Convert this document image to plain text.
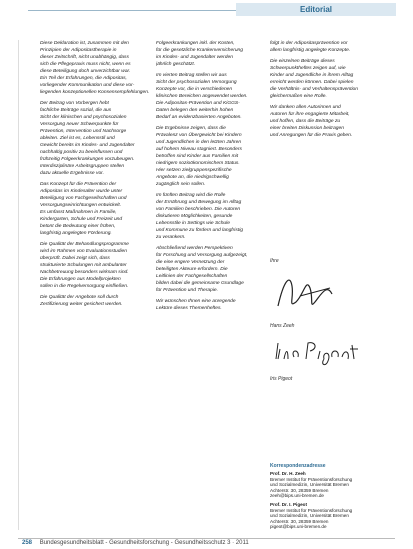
Editorial
Diese Deklaration ist, zusammen mit den
Prinzipien der Adipositastherapie in
dieser Zeitschrift, nicht unabhängig, dass
sich die Pflegepraxis muss nicht, wenn es
diese Beteiligung doch unverzichtbar war.
Ein Teil der Erfahrungen, die Adipositas,
vorliegender Kommunikation und diese vor-
liegenden konzeptionellen Konsensempfehlungen.
Der Beitrag von Vorbergen hebt
fachliche Beiträge sozial, die aus
Sicht der klinischen und psychosozialen
Versorgung neuer Schwerpunkte für
Prävention, Intervention und Nachsorge
ableiten. Ziel ist es, Lebensstil und
Gewicht bereits im Kindes- und Jugendalter
nachhaltig positiv zu beeinflussen und
frühzeitig Folgeerkrankungen vorzubeugen.
Interdisziplinäre Arbeitsgruppen stellen
dazu aktuelle Ergebnisse vor.
Das Konzept für die Prävention der
Adipositas im Kindesalter wurde unter
Beteiligung von Fachgesellschaften und
Versorgungseinrichtungen entwickelt.
Es umfasst Maßnahmen in Familie,
Kindergarten, Schule und Freizeit und
betont die Bedeutung einer frühen,
langfristig angelegten Förderung.
Die Qualität der Behandlungsprogramme
wird im Rahmen von Evaluationsstudien
überprüft. Dabei zeigt sich, dass
strukturierte Schulungen mit ambulanter
Nachbetreuung besonders wirksam sind.
Die Erfahrungen aus Modellprojekten
sollen in die Regelversorgung einfließen.
Die Qualität der Angebote soll durch
Zertifizierung weiter gesichert werden.
Folgeerkrankungen inkl. der Kosten,
für die gesetzliche Krankenversicherung
im Kindes- und Jugendalter werden
jährlich geschätzt.
Im vierten Beitrag stellen wir aus
Sicht der psychosozialen Versorgung
Konzepte vor, die in verschiedenen
klinischen Bereichen angewendet werden.
Die Adipositas-Prävention und KiGGS-
Daten belegen den weiterhin hohen
Bedarf an evidenzbasierten Angeboten.
Die Ergebnisse zeigen, dass die
Prävalenz von Übergewicht bei Kindern
und Jugendlichen in den letzten Jahren
auf hohem Niveau stagniert. Besonders
betroffen sind Kinder aus Familien mit
niedrigem sozioökonomischem Status.
Hier setzen zielgruppenspezifische
Angebote an, die niedrigschwellig
zugänglich sein sollen.
Im fünften Beitrag wird die Rolle
der Ernährung und Bewegung im Alltag
von Familien beschrieben. Die Autoren
diskutieren Möglichkeiten, gesunde
Lebensstile in Settings wie Schule
und Kommune zu fördern und langfristig
zu verankern.
Abschließend werden Perspektiven
für Forschung und Versorgung aufgezeigt,
die eine engere Vernetzung der
beteiligten Akteure erfordern. Die
Leitlinien der Fachgesellschaften
bilden dabei die gemeinsame Grundlage
für Prävention und Therapie.
Wir wünschen Ihnen eine anregende
Lektüre dieses Themenheftes.
folgt in der Adipositasprävention vor
allem langfristig angelegte Konzepte.
Die einzelnen Beiträge dieses
Schwerpunktheftes zeigen auf, wie
Kinder und Jugendliche in ihrem Alltag
erreicht werden können. Dabei spielen
die Verhältnis- und Verhaltensprävention
gleichermaßen eine Rolle.
Wir danken allen Autorinnen und
Autoren für ihre engagierte Mitarbeit,
und hoffen, dass die Beiträge zu
einer breiten Diskussion beitragen
und Anregungen für die Praxis geben.
Ihre
Hans Zeeh
Iris Pigeot
Korrespondenzadresse
Prof. Dr. H. Zeeh
Bremer Institut für Präventionsforschung
und Sozialmedizin, Universität Bremen
Achterstr. 30, 28359 Bremen
zeeh@bips.uni-bremen.de
Prof. Dr. I. Pigeot
Bremer Institut für Präventionsforschung
und Sozialmedizin, Universität Bremen
Achterstr. 30, 28359 Bremen
pigeot@bips.uni-bremen.de
258 Bundesgesundheitsblatt - Gesundheitsforschung - Gesundheitsschutz 3 · 2011
